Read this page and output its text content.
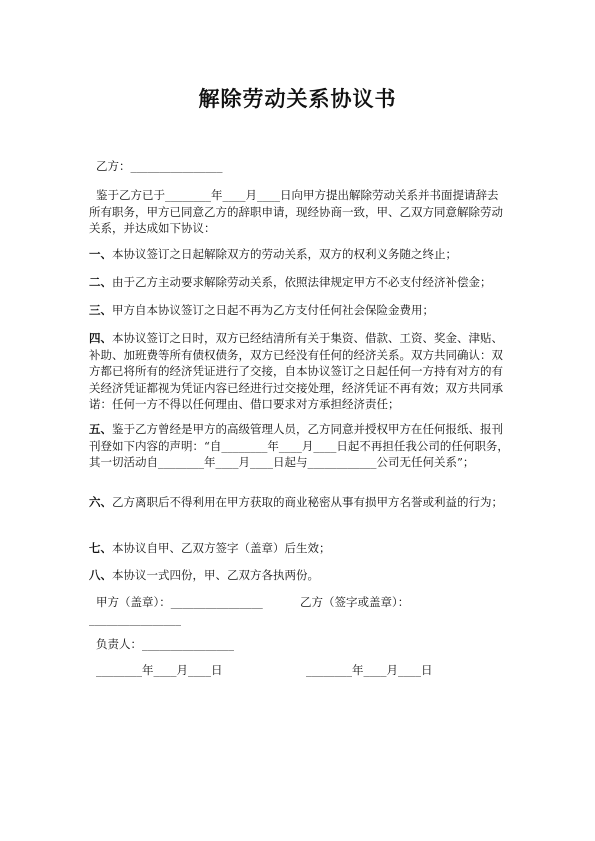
解除劳动关系协议书
乙方：________________
鉴于乙方已于________年____月____日向甲方提出解除劳动关系并书面提请辞去所有职务，甲方已同意乙方的辞职申请，现经协商一致，甲、乙双方同意解除劳动关系，并达成如下协议：
一、本协议签订之日起解除双方的劳动关系，双方的权利义务随之终止；
二、由于乙方主动要求解除劳动关系，依照法律规定甲方不必支付经济补偿金；
三、甲方自本协议签订之日起不再为乙方支付任何社会保险金费用；
四、本协议签订之日时，双方已经结清所有关于集资、借款、工资、奖金、津贴、补助、加班费等所有债权债务，双方已经没有任何的经济关系。双方共同确认：双方都已将所有的经济凭证进行了交接，自本协议签订之日起任何一方持有对方的有关经济凭证都视为凭证内容已经进行过交接处理，经济凭证不再有效；双方共同承诺：任何一方不得以任何理由、借口要求对方承担经济责任；
五、鉴于乙方曾经是甲方的高级管理人员，乙方同意并授权甲方在任何报纸、报刊刊登如下内容的声明：“自________年____月____日起不再担任我公司的任何职务，其一切活动自________年____月____日起与____________公司无任何关系”；
六、乙方离职后不得利用在甲方获取的商业秘密从事有损甲方名誉或利益的行为；
七、本协议自甲、乙双方签字（盖章）后生效；
八、本协议一式四份，甲、乙双方各执两份。
甲方（盖章）：________________	乙方（签字或盖章）：
________________
负责人：________________
________年____月____日	________年____月____日
